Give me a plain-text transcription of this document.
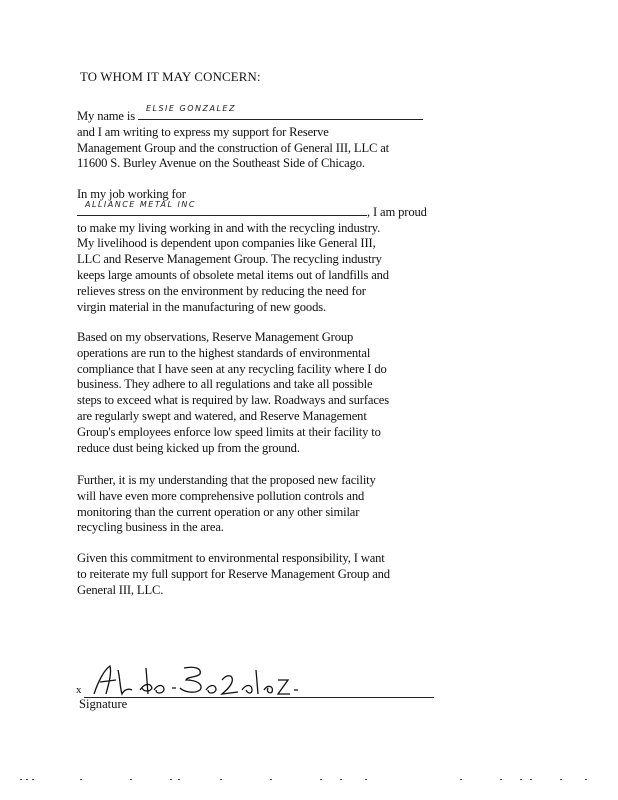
TO WHOM IT MAY CONCERN:
My name is
ELSIE GONZALEZ
and I am writing to express my support for Reserve
Management Group and the construction of General III, LLC at
11600 S. Burley Avenue on the Southeast Side of Chicago.
In my job working for
ALLIANCE METAL INC
, I am proud
to make my living working in and with the recycling industry.
My livelihood is dependent upon companies like General III,
LLC and Reserve Management Group. The recycling industry
keeps large amounts of obsolete metal items out of landfills and
relieves stress on the environment by reducing the need for
virgin material in the manufacturing of new goods.
Based on my observations, Reserve Management Group
operations are run to the highest standards of environmental
compliance that I have seen at any recycling facility where I do
business. They adhere to all regulations and take all possible
steps to exceed what is required by law. Roadways and surfaces
are regularly swept and watered, and Reserve Management
Group's employees enforce low speed limits at their facility to
reduce dust being kicked up from the ground.
Further, it is my understanding that the proposed new facility
will have even more comprehensive pollution controls and
monitoring than the current operation or any other similar
recycling business in the area.
Given this commitment to environmental responsibility, I want
to reiterate my full support for Reserve Management Group and
General III, LLC.
x
Signature
